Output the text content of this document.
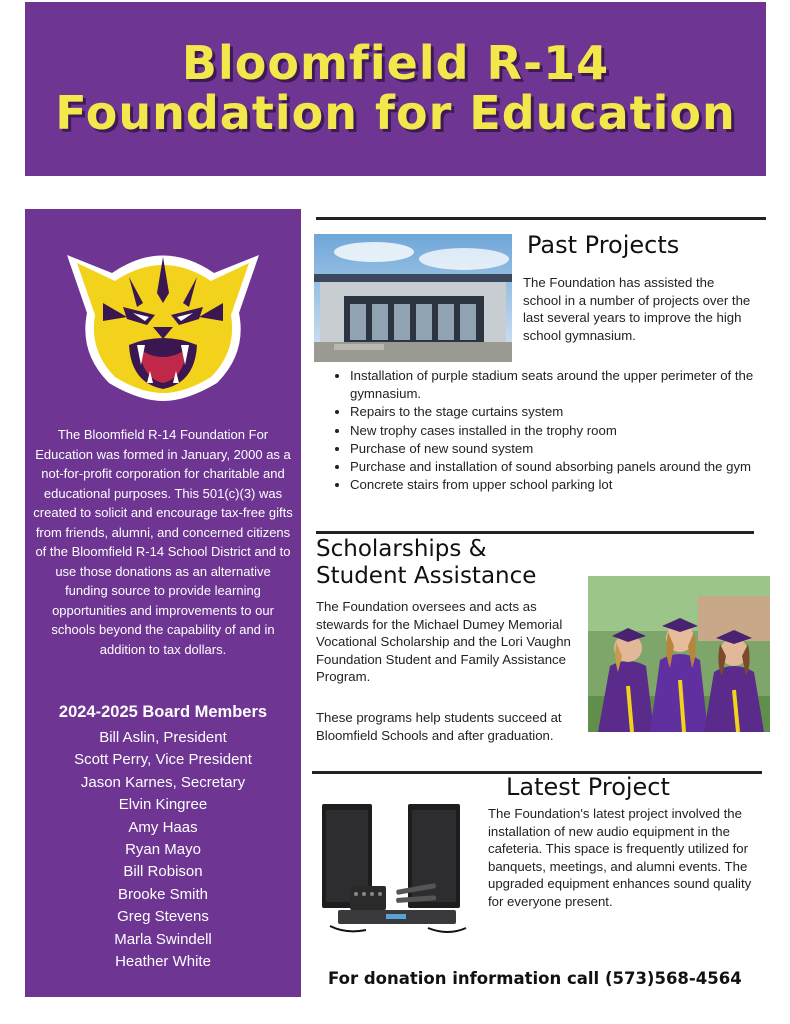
Bloomfield R-14
Foundation for Education

The Bloomfield R-14 Foundation For Education was formed in January, 2000 as a not-for-profit corporation for charitable and educational purposes. This 501(c)(3) was created to solicit and encourage tax-free gifts from friends, alumni, and concerned citizens of the Bloomfield R-14 School District and to use those donations as an alternative funding source to provide learning opportunities and improvements to our schools beyond the capability of and in addition to tax dollars.

2024-2025 Board Members
Bill Aslin, President
Scott Perry, Vice President
Jason Karnes, Secretary
Elvin Kingree
Amy Haas
Ryan Mayo
Bill Robison
Brooke Smith
Greg Stevens
Marla Swindell
Heather White
Past Projects

The Foundation has assisted the school in a number of projects over the last several years to improve the high school gymnasium.

• Installation of purple stadium seats around the upper perimeter of the gymnasium.
• Repairs to the stage curtains system
• New trophy cases installed in the trophy room
• Purchase of new sound system
• Purchase and installation of sound absorbing panels around the gym
• Concrete stairs from upper school parking lot
Scholarships &
Student Assistance

The Foundation oversees and acts as stewards for the Michael Dumey Memorial Vocational Scholarship and the Lori Vaughn Foundation Student and Family Assistance Program.

These programs help students succeed at Bloomfield Schools and after graduation.

Latest Project

The Foundation's latest project involved the installation of new audio equipment in the cafeteria. This space is frequently utilized for banquets, meetings, and alumni events. The upgraded equipment enhances sound quality for everyone present.

For donation information call (573)568-4564
